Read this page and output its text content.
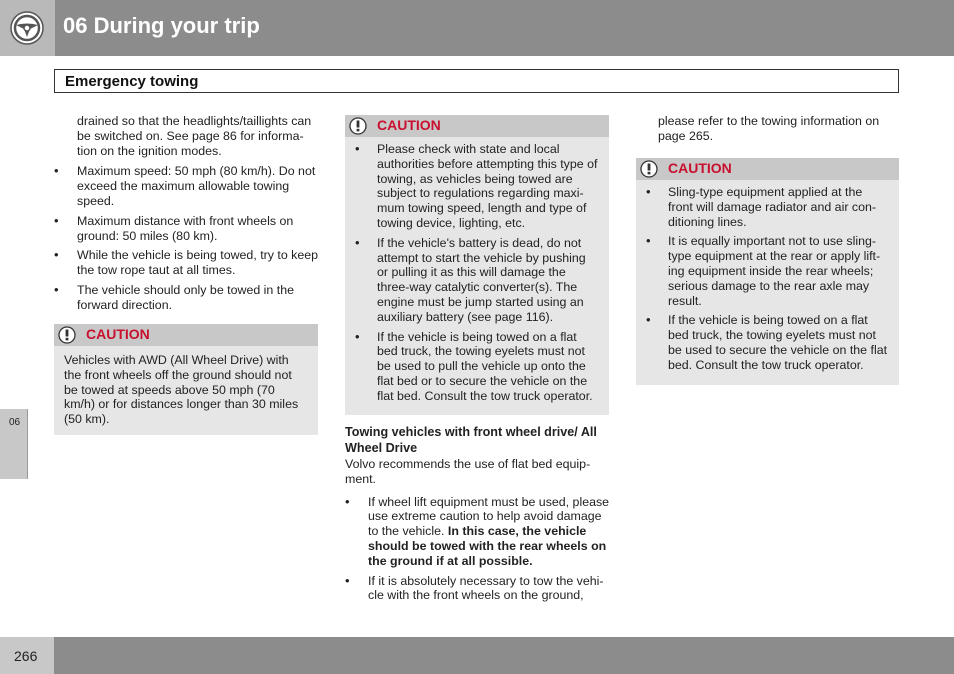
06 During your trip
Emergency towing
06

drained so that the headlights/taillights can be switched on. See page 86 for informa-tion on the ignition modes.

• Maximum speed: 50 mph (80 km/h). Do not exceed the maximum allowable towing speed.
• Maximum distance with front wheels on ground: 50 miles (80 km).
• While the vehicle is being towed, try to keep the tow rope taut at all times.
• The vehicle should only be towed in the forward direction.
CAUTION
Vehicles with AWD (All Wheel Drive) with the front wheels off the ground should not be towed at speeds above 50 mph (70 km/h) or for distances longer than 30 miles (50 km).
CAUTION
• Please check with state and local authorities before attempting this type of towing, as vehicles being towed are subject to regulations regarding maxi-mum towing speed, length and type of towing device, lighting, etc.
• If the vehicle's battery is dead, do not attempt to start the vehicle by pushing or pulling it as this will damage the three-way catalytic converter(s). The engine must be jump started using an auxiliary battery (see page 116).
• If the vehicle is being towed on a flat bed truck, the towing eyelets must not be used to pull the vehicle up onto the flat bed or to secure the vehicle on the flat bed. Consult the tow truck operator.

Towing vehicles with front wheel drive/ All Wheel Drive

Volvo recommends the use of flat bed equip-ment.

• If wheel lift equipment must be used, please use extreme caution to help avoid damage to the vehicle. In this case, the vehicle should be towed with the rear wheels on the ground if at all possible.
• If it is absolutely necessary to tow the vehi-cle with the front wheels on the ground,

please refer to the towing information on page 265.

CAUTION
• Sling-type equipment applied at the front will damage radiator and air con-ditioning lines.
• It is equally important not to use sling-type equipment at the rear or apply lift-ing equipment inside the rear wheels; serious damage to the rear axle may result.
• If the vehicle is being towed on a flat bed truck, the towing eyelets must not be used to secure the vehicle on the flat bed. Consult the tow truck operator.
266
